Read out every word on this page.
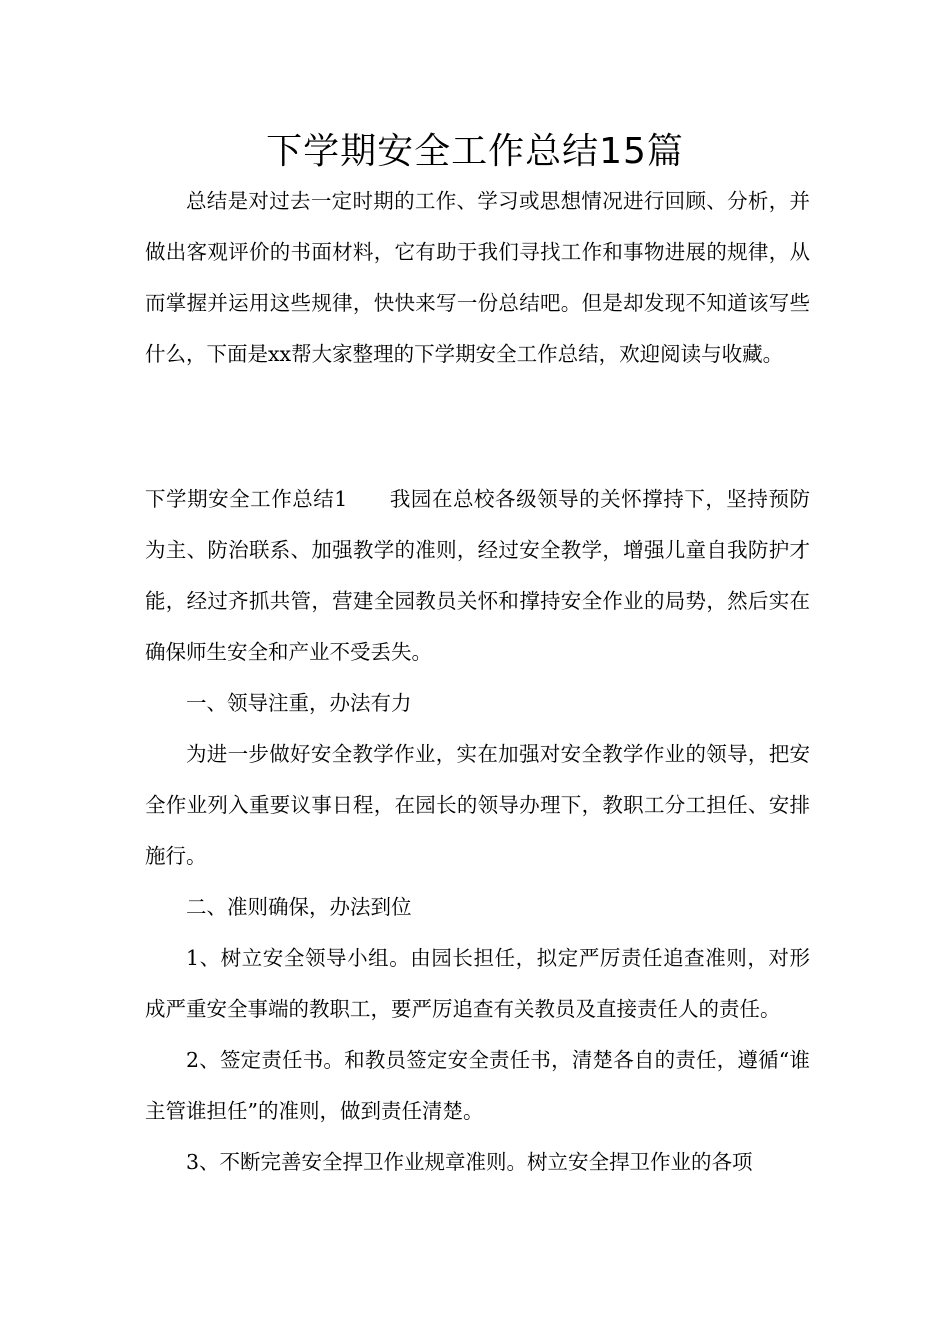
下学期安全工作总结15篇

总结是对过去一定时期的工作、学习或思想情况进行回顾、分析，并做出客观评价的书面材料，它有助于我们寻找工作和事物进展的规律，从而掌握并运用这些规律，快快来写一份总结吧。但是却发现不知道该写些什么，下面是xx帮大家整理的下学期安全工作总结，欢迎阅读与收藏。

下学期安全工作总结1 我园在总校各级领导的关怀撑持下，坚持预防为主、防治联系、加强教学的准则，经过安全教学，增强儿童自我防护才能，经过齐抓共管，营建全园教员关怀和撑持安全作业的局势，然后实在确保师生安全和产业不受丢失。

一、领导注重，办法有力

为进一步做好安全教学作业，实在加强对安全教学作业的领导，把安全作业列入重要议事日程，在园长的领导办理下，教职工分工担任、安排施行。

二、准则确保，办法到位

1、树立安全领导小组。由园长担任，拟定严厉责任追查准则，对形成严重安全事端的教职工，要严厉追查有关教员及直接责任人的责任。

2、签定责任书。和教员签定安全责任书，清楚各自的责任，遵循“谁主管谁担任”的准则，做到责任清楚。

3、不断完善安全捍卫作业规章准则。树立安全捍卫作业的各项
